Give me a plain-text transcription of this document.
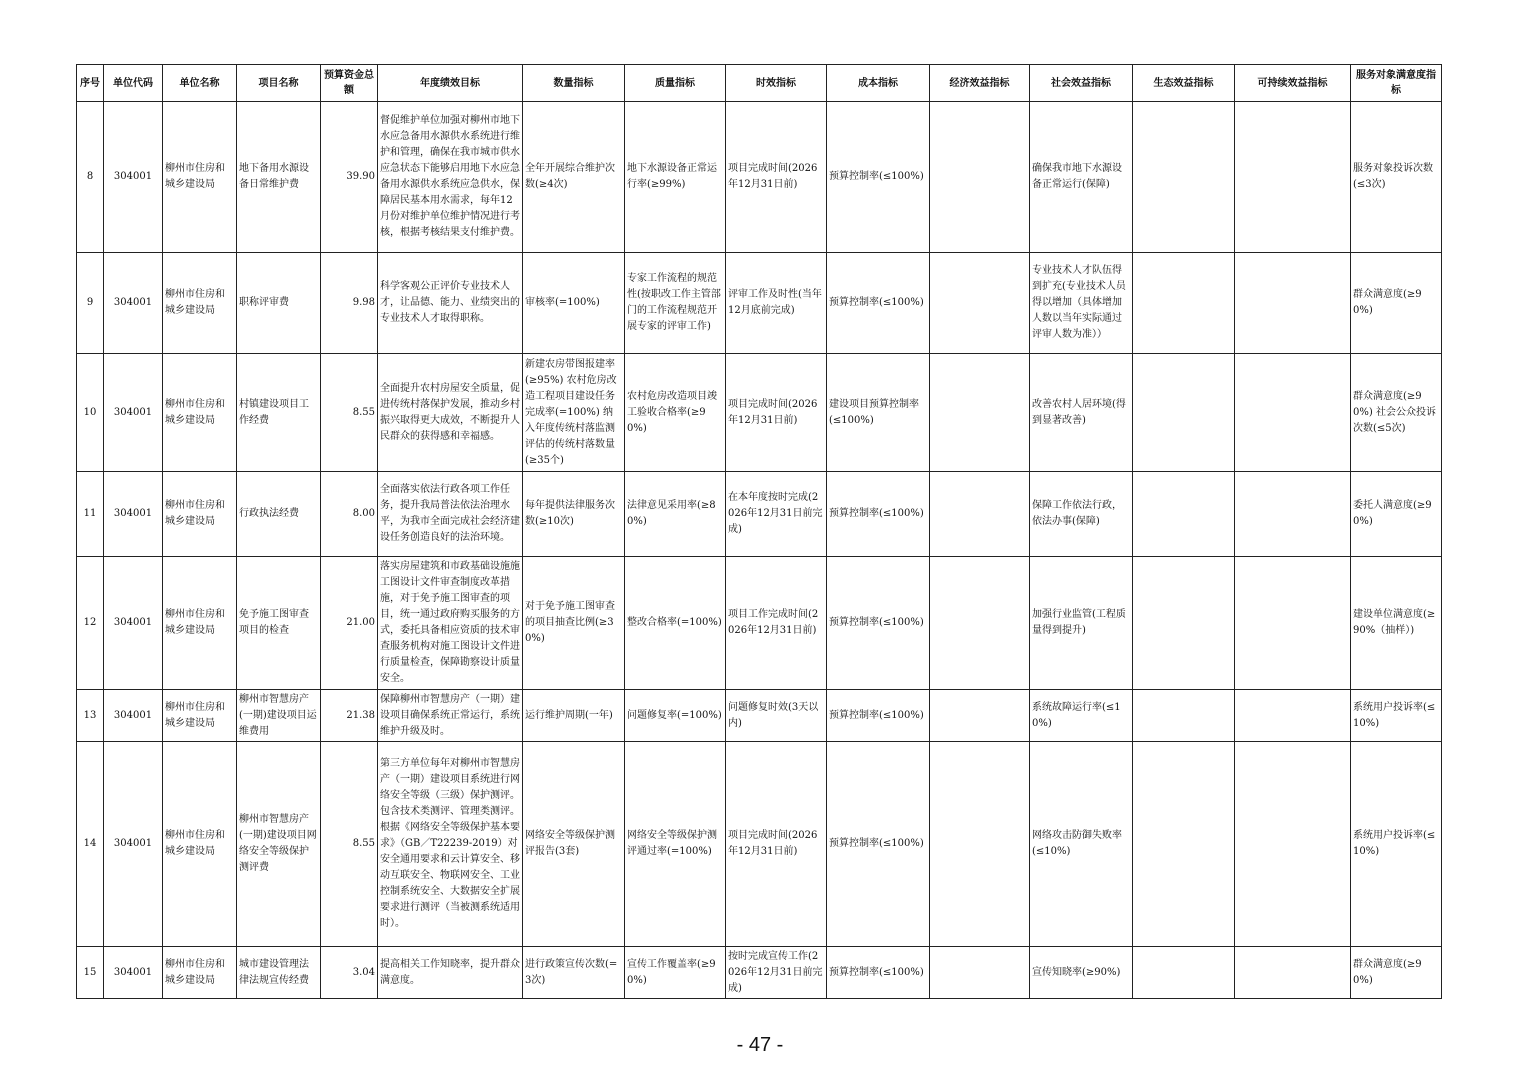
序号	单位代码	单位名称	项目名称	预算资金总额	年度绩效目标	数量指标	质量指标	时效指标	成本指标	经济效益指标	社会效益指标	生态效益指标	可持续效益指标	服务对象满意度指标
8	304001	柳州市住房和城乡建设局	地下备用水源设备日常维护费	39.90	督促维护单位加强对柳州市地下水应急备用水源供水系统进行维护和管理，确保在我市城市供水应急状态下能够启用地下水应急备用水源供水系统应急供水，保障居民基本用水需求，每年12月份对维护单位维护情况进行考核，根据考核结果支付维护费。	全年开展综合维护次数(≥4次)	地下水源设备正常运行率(≥99%)	项目完成时间(2026年12月31日前)	预算控制率(≤100%)		确保我市地下水源设备正常运行(保障)			服务对象投诉次数(≤3次)
9	304001	柳州市住房和城乡建设局	职称评审费	9.98	科学客观公正评价专业技术人才，让品德、能力、业绩突出的专业技术人才取得职称。	审核率(=100%)	专家工作流程的规范性(按职改工作主管部门的工作流程规范开展专家的评审工作)	评审工作及时性(当年12月底前完成)	预算控制率(≤100%)		专业技术人才队伍得到扩充(专业技术人员得以增加（具体增加人数以当年实际通过评审人数为准））			群众满意度(≥90%)
10	304001	柳州市住房和城乡建设局	村镇建设项目工作经费	8.55	全面提升农村房屋安全质量，促进传统村落保护发展，推动乡村振兴取得更大成效，不断提升人民群众的获得感和幸福感。	新建农房带图报建率(≥95%) 农村危房改造工程项目建设任务完成率(=100%) 纳入年度传统村落监测评估的传统村落数量(≥35个)	农村危房改造项目竣工验收合格率(≥90%)	项目完成时间(2026年12月31日前)	建设项目预算控制率(≤100%)		改善农村人居环境(得到显著改善)			群众满意度(≥90%) 社会公众投诉次数(≤5次)
11	304001	柳州市住房和城乡建设局	行政执法经费	8.00	全面落实依法行政各项工作任务，提升我局普法依法治理水平，为我市全面完成社会经济建设任务创造良好的法治环境。	每年提供法律服务次数(≥10次)	法律意见采用率(≥80%)	在本年度按时完成(2026年12月31日前完成)	预算控制率(≤100%)		保障工作依法行政，依法办事(保障)			委托人满意度(≥90%)
12	304001	柳州市住房和城乡建设局	免予施工图审查项目的检查	21.00	落实房屋建筑和市政基础设施施工图设计文件审查制度改革措施，对于免予施工图审查的项目，统一通过政府购买服务的方式，委托具备相应资质的技术审查服务机构对施工图设计文件进行质量检查，保障勘察设计质量安全。	对于免予施工图审查的项目抽查比例(≥30%)	整改合格率(=100%)	项目工作完成时间(2026年12月31日前)	预算控制率(≤100%)		加强行业监管(工程质量得到提升)			建设单位满意度(≥90%（抽样）)
13	304001	柳州市住房和城乡建设局	柳州市智慧房产(一期)建设项目运维费用	21.38	保障柳州市智慧房产（一期）建设项目确保系统正常运行，系统维护升级及时。	运行维护周期(一年)	问题修复率(=100%)	问题修复时效(3天以内)	预算控制率(≤100%)		系统故障运行率(≤10%)			系统用户投诉率(≤10%)
14	304001	柳州市住房和城乡建设局	柳州市智慧房产(一期)建设项目网络安全等级保护测评费	8.55	第三方单位每年对柳州市智慧房产（一期）建设项目系统进行网络安全等级（三级）保护测评。包含技术类测评、管理类测评。根据《网络安全等级保护基本要求》（GB／T22239-2019）对安全通用要求和云计算安全、移动互联安全、物联网安全、工业控制系统安全、大数据安全扩展要求进行测评（当被测系统适用时）。	网络安全等级保护测评报告(3套)	网络安全等级保护测评通过率(=100%)	项目完成时间(2026年12月31日前)	预算控制率(≤100%)		网络攻击防御失败率(≤10%)			系统用户投诉率(≤10%)
15	304001	柳州市住房和城乡建设局	城市建设管理法律法规宣传经费	3.04	提高相关工作知晓率，提升群众满意度。	进行政策宣传次数(=3次)	宣传工作覆盖率(≥90%)	按时完成宣传工作(2026年12月31日前完成)	预算控制率(≤100%)		宣传知晓率(≥90%)			群众满意度(≥90%)
- 47 -
